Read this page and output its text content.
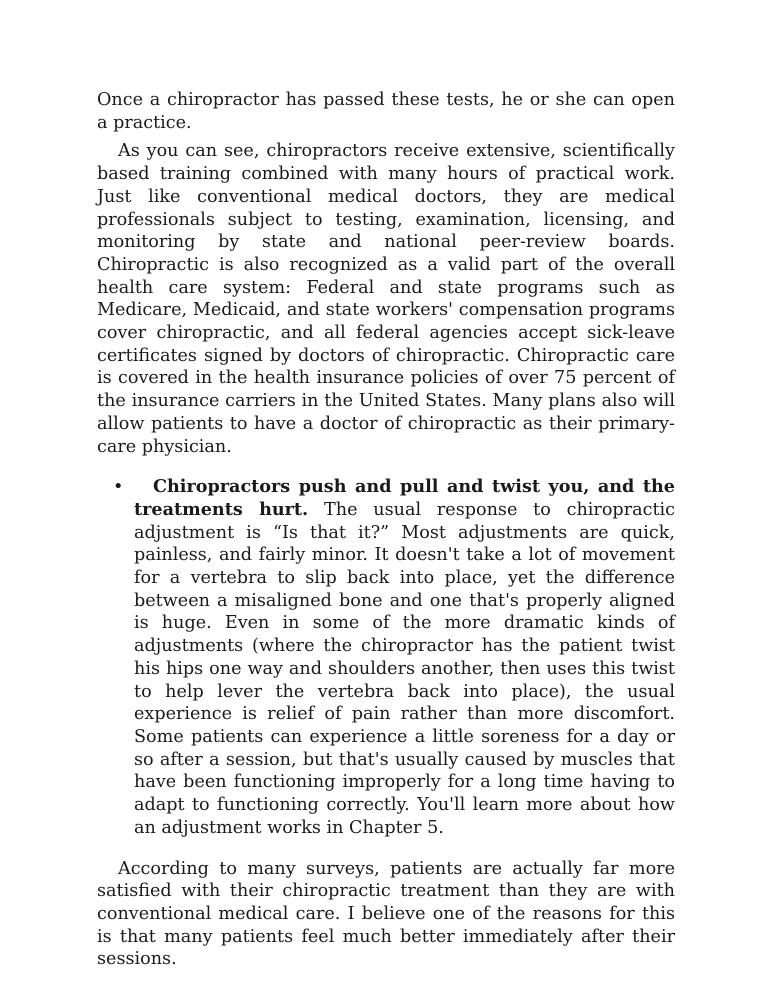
Once a chiropractor has passed these tests, he or she can open a practice.

As you can see, chiropractors receive extensive, scientifically based training combined with many hours of practical work. Just like conventional medical doctors, they are medical professionals subject to testing, examination, licensing, and monitoring by state and national peer-review boards. Chiropractic is also recognized as a valid part of the overall health care system: Federal and state programs such as Medicare, Medicaid, and state workers' compensation programs cover chiropractic, and all federal agencies accept sick-leave certificates signed by doctors of chiropractic. Chiropractic care is covered in the health insurance policies of over 75 percent of the insurance carriers in the United States. Many plans also will allow patients to have a doctor of chiropractic as their primary-care physician.

•	Chiropractors push and pull and twist you, and the treatments hurt. The usual response to chiropractic adjustment is “Is that it?” Most adjustments are quick, painless, and fairly minor. It doesn't take a lot of movement for a vertebra to slip back into place, yet the difference between a misaligned bone and one that's properly aligned is huge. Even in some of the more dramatic kinds of adjustments (where the chiropractor has the patient twist his hips one way and shoulders another, then uses this twist to help lever the vertebra back into place), the usual experience is relief of pain rather than more discomfort. Some patients can experience a little soreness for a day or so after a session, but that's usually caused by muscles that have been functioning improperly for a long time having to adapt to functioning correctly. You'll learn more about how an adjustment works in Chapter 5.

According to many surveys, patients are actually far more satisfied with their chiropractic treatment than they are with conventional medical care. I believe one of the reasons for this is that many patients feel much better immediately after their sessions.
